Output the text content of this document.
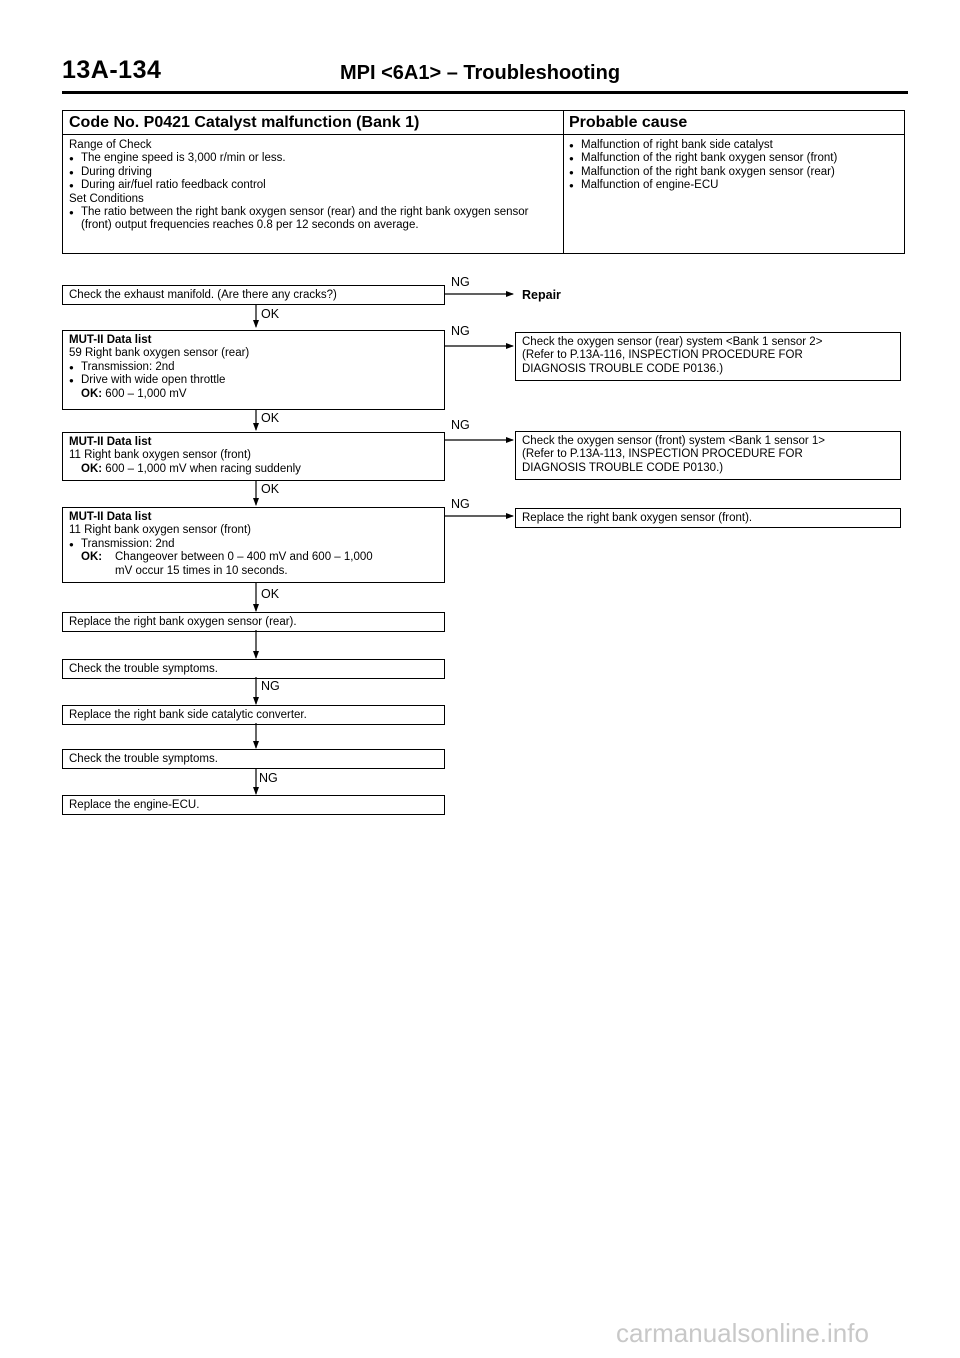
13A-134	MPI <6A1> – Troubleshooting
Code No. P0421 Catalyst malfunction (Bank 1)
Range of Check
● The engine speed is 3,000 r/min or less.
● During driving
● During air/fuel ratio feedback control
Set Conditions
● The ratio between the right bank oxygen sensor (rear) and the right bank oxygen sensor (front) output frequencies reaches 0.8 per 12 seconds on average.
Probable cause
● Malfunction of right bank side catalyst
● Malfunction of the right bank oxygen sensor (front)
● Malfunction of the right bank oxygen sensor (rear)
● Malfunction of engine-ECU
Check the exhaust manifold. (Are there any cracks?)
NG
Repair
OK
MUT-II Data list
59 Right bank oxygen sensor (rear)
● Transmission: 2nd
● Drive with wide open throttle
OK: 600 – 1,000 mV
NG
Check the oxygen sensor (rear) system <Bank 1 sensor 2>
(Refer to P.13A-116, INSPECTION PROCEDURE FOR
DIAGNOSIS TROUBLE CODE P0136.)
OK
MUT-II Data list
11 Right bank oxygen sensor (front)
OK: 600 – 1,000 mV when racing suddenly
NG
Check the oxygen sensor (front) system <Bank 1 sensor 1>
(Refer to P.13A-113, INSPECTION PROCEDURE FOR
DIAGNOSIS TROUBLE CODE P0130.)
OK
MUT-II Data list
11 Right bank oxygen sensor (front)
● Transmission: 2nd
OK: Changeover between 0 – 400 mV and 600 – 1,000
mV occur 15 times in 10 seconds.
NG
Replace the right bank oxygen sensor (front).
OK
Replace the right bank oxygen sensor (rear).
Check the trouble symptoms.
NG
Replace the right bank side catalytic converter.
Check the trouble symptoms.
NG
Replace the engine-ECU.
carmanualsonline.info
